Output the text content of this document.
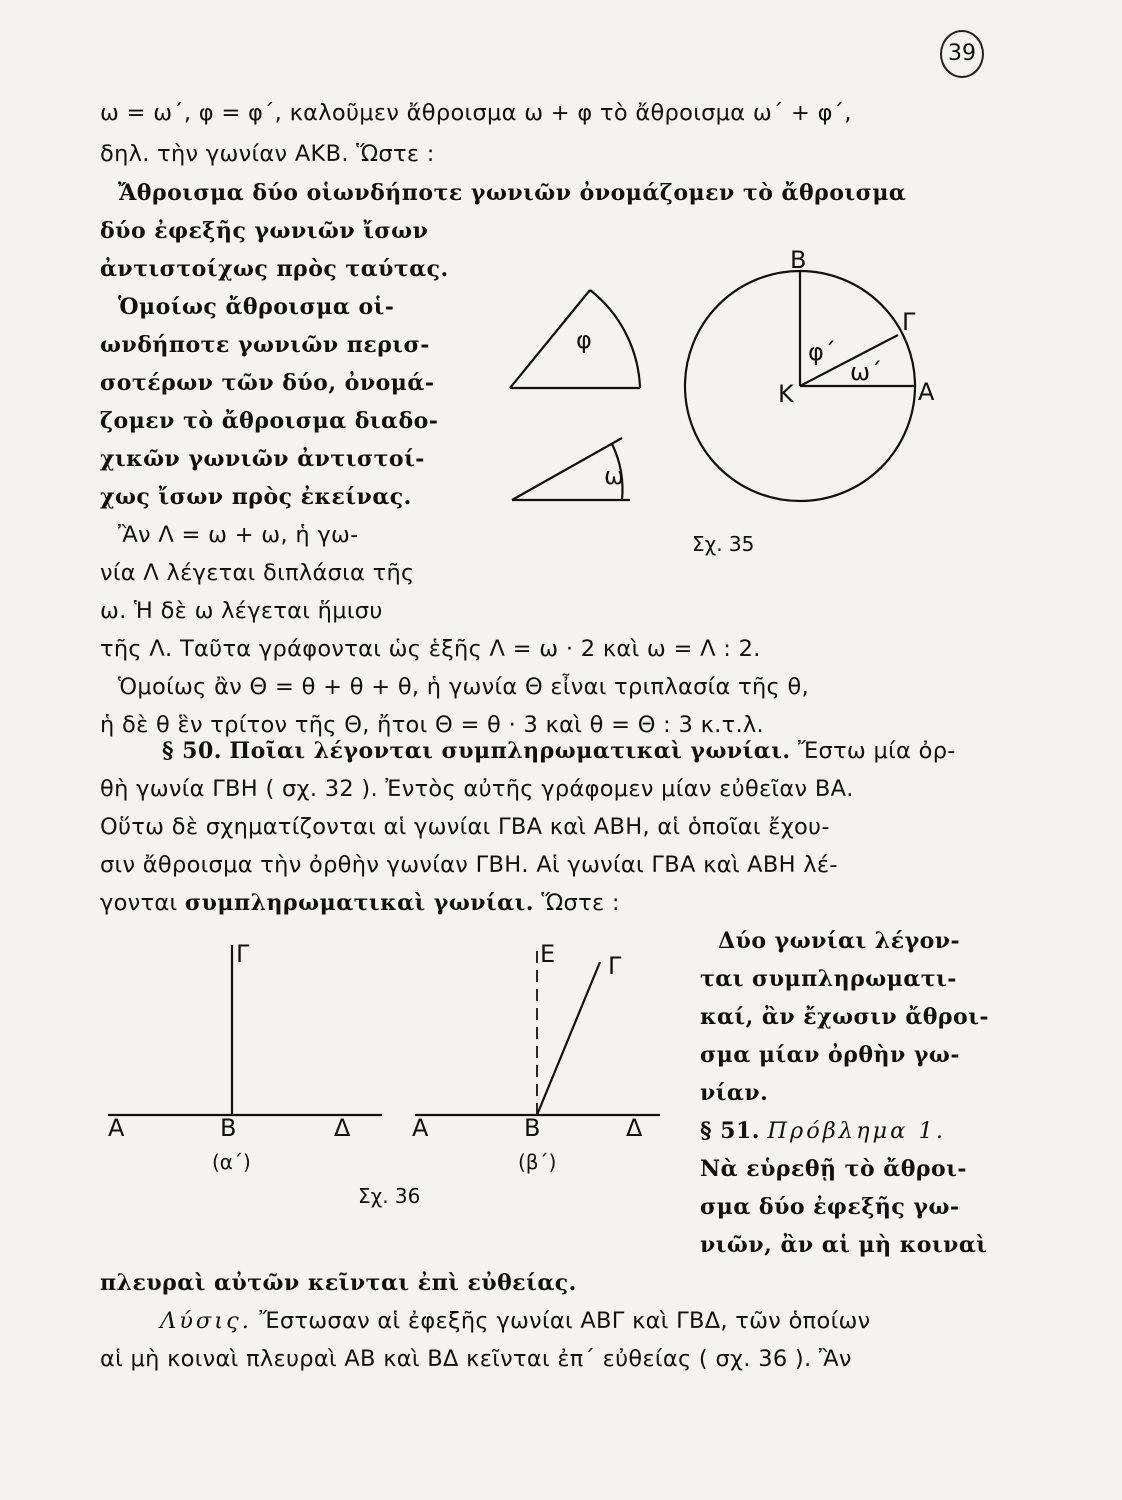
39
ω = ω΄, φ = φ΄, καλοῦμεν ἄθροισμα ω + φ τὸ ἄθροισμα ω΄ + φ΄,
δηλ. τὴν γωνίαν ΑΚΒ. Ὥστε :
Ἄθροισμα δύο οἱωνδήποτε γωνιῶν ὀνομάζομεν τὸ ἄθροισμα
δύο ἐφεξῆς γωνιῶν ἴσων
ἀντιστοίχως πρὸς ταύτας.
Ὁμοίως ἄθροισμα οἱ-
ωνδήποτε γωνιῶν περισ-
σοτέρων τῶν δύο, ὀνομά-
ζομεν τὸ ἄθροισμα διαδο-
χικῶν γωνιῶν ἀντιστοί-
χως ἴσων πρὸς ἐκείνας.
Ἂν Λ = ω + ω, ἡ γω-
νία Λ λέγεται διπλάσια τῆς
ω. Ἡ δὲ ω λέγεται ἥμισυ
τῆς Λ. Ταῦτα γράφονται ὡς ἑξῆς Λ = ω · 2 καὶ ω = Λ : 2.
Ὁμοίως ἂν Θ = θ + θ + θ, ἡ γωνία Θ εἶναι τριπλασία τῆς θ,
ἡ δὲ θ ἓν τρίτον τῆς Θ, ἤτοι Θ = θ · 3 καὶ θ = Θ : 3 κ.τ.λ.
φ
ω
Β
Γ
φ΄
ω΄
Κ	Α
Σχ. 35
§ 50. Ποῖαι λέγονται συμπληρωματικαὶ γωνίαι. Ἔστω μία ὀρ-
θὴ γωνία ΓΒΗ ( σχ. 32 ). Ἐντὸς αὐτῆς γράφομεν μίαν εὐθεῖαν ΒΑ.
Οὕτω δὲ σχηματίζονται αἱ γωνίαι ΓΒΑ καὶ ΑΒΗ, αἱ ὁποῖαι ἔχου-
σιν ἄθροισμα τὴν ὀρθὴν γωνίαν ΓΒΗ. Αἱ γωνίαι ΓΒΑ καὶ ΑΒΗ λέ-
γονται συμπληρωματικαὶ γωνίαι. Ὥστε :
Δύο γωνίαι λέγον-
ται συμπληρωματι-
καί, ἂν ἔχωσιν ἄθροι-
σμα μίαν ὀρθὴν γω-
νίαν.
Γ
Α	Β	Δ
(α΄)
Ε Γ
Α	Β	Δ
(β΄)
Σχ. 36
§ 51. Πρόβλημα 1.
Νὰ εὑρεθῇ τὸ ἄθροι-
σμα δύο ἐφεξῆς γω-
νιῶν, ἂν αἱ μὴ κοιναὶ
πλευραὶ αὐτῶν κεῖνται ἐπὶ εὐθείας.
Λύσις. Ἔστωσαν αἱ ἐφεξῆς γωνίαι ΑΒΓ καὶ ΓΒΔ, τῶν ὁποίων
αἱ μὴ κοιναὶ πλευραὶ ΑΒ καὶ ΒΔ κεῖνται ἐπ΄ εὐθείας ( σχ. 36 ). Ἂν
